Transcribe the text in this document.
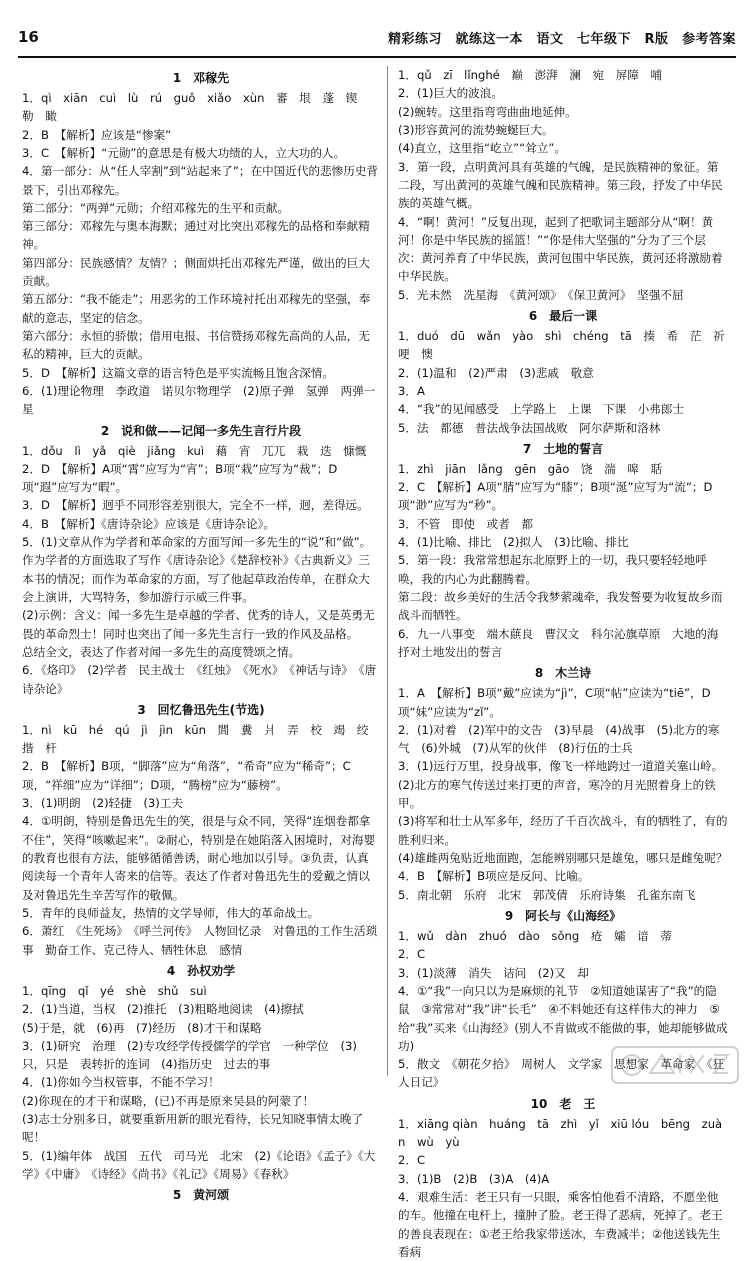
16	精彩练习　就练这一本　语文　七年级下　R版　参考答案
1　邓稼先
1．qì　xiān　cuì　lù　rú　guǒ　xiǎo　xùn　審　垠　蓬　锲　勒　瞰
2．B　【解析】应该是“惨案”
3．C　【解析】“元勋”的意思是有极大功绩的人，立大功的人。
4．第一部分：从“任人宰割”到“站起来了”；在中国近代的悲惨历史背景下，引出邓稼先。
第二部分：“两弹”元勋；介绍邓稼先的生平和贡献。
第三部分：邓稼先与奥本海默；通过对比突出邓稼先的品格和奉献精神。
第四部分：民族感情？友情？；侧面烘托出邓稼先严谨，做出的巨大贡献。
第五部分：“我不能走”；用恶劣的工作环境衬托出邓稼先的坚强，奉献的意志，坚定的信念。
第六部分：永恒的骄傲；借用电报、书信赞扬邓稼先高尚的人品，无私的精神，巨大的贡献。
5．D　【解析】这篇文章的语言特色是平实流畅且饱含深情。
6．(1)理论物理　李政道　诺贝尔物理学　(2)原子弹　氢弹　两弹一星
2　说和做——记闻一多先生言行片段
1．dǒu　lì　yǎ　qiè　jiǎng　kuì　藉　宵　兀兀　栽　迭　慷慨
2．D　【解析】A项“霄”应写为“宵”；B项“栽”应写为“裁”；D项“遐”应写为“暇”。
3．D　【解析】迥乎不同形容差别很大，完全不一样，迥，差得远。
4．B　【解析】《唐诗杂论》应该是《唐诗杂论》。
5．(1)文章从作为学者和革命家的方面写闻一多先生的“说”和“做”。作为学者的方面选取了写作《唐诗杂论》《楚辞校补》《古典新义》三本书的情况；而作为革命家的方面，写了他起草政治传单，在群众大会上演讲，大骂特务，参加游行示威三件事。
(2)示例：含义：闻一多先生是卓越的学者、优秀的诗人，又是英勇无畏的革命烈士！同时也突出了闻一多先生言行一致的作风及品格。
总结全文，表达了作者对闻一多先生的高度赞颂之情。
6．《烙印》　(2)学者　民主战士　《红烛》　《死水》　《神话与诗》　《唐诗杂论》
3　回忆鲁迅先生(节选)
1．nì　kū　hé　qú　jì　jìn　kūn　閭　糞　爿　弄　校　竭　绞　揩　杆
2．B　【解析】B项，“脚落”应为“角落”，“希奇”应为“稀奇”；C项，“祥细”应为“详细”；D项，“腾榜”应为“藤榜”。
3．(1)明朗　(2)轻捷　(3)工夫
4．①明朗，特别是鲁迅先生的笑，很是与众不同，笑得“连烟卷都拿不住”，笑得“咳嗽起来”。②耐心，特别是在她陷落入困境时，对海婴的教育也很有方法，能够循循善诱，耐心地加以引导。③负责，认真阅读每一个青年人寄来的信等。表达了作者对鲁迅先生的爱戴之情以及对鲁迅先生辛苦写作的敬佩。
5．青年的良师益友，热情的文学导师，伟大的革命战士。
6．萧红　《生死场》　《呼兰河传》　人物回忆录　对鲁迅的工作生活琐事　勤奋工作、克己待人、牺牲休息　感情
4　孙权劝学
1．qīng　qǐ　yé　shè　shǔ　suì
2．(1)当道，当权　(2)推托　(3)粗略地阅读　(4)擦拭
(5)于是，就　(6)再　(7)经历　(8)才干和谋略
3．(1)研究　治理　(2)专攻经学传授儒学的学官　一种学位　(3)只，只是　表转折的连词　(4)指历史　过去的事
4．(1)你如今当权管事，不能不学习！
(2)你现在的才干和谋略，(已)不再是原来吴县的阿蒙了！
(3)志士分别多日，就要重新用新的眼光看待，长兄知晓事情太晚了呢！
5．(1)编年体　战国　五代　司马光　北宋　(2)《论语》《孟子》《大学》《中庸》　《诗经》《尚书》《礼记》《周易》《春秋》
5　黄河颂
1．qǔ　zī　lǐnghé　巅　澎湃　澜　宛　屏障　哺
2．(1)巨大的波浪。
(2)蜿转。这里指弯弯曲曲地延伸。
(3)形容黄河的流势蜿蜒巨大。
(4)直立，这里指“屹立”“耸立”。
3．第一段，点明黄河具有英雄的气魄，是民族精神的象征。第二段，写出黄河的英雄气魄和民族精神。第三段，抒发了中华民族的英雄气概。
4．“啊！黄河！”反复出现，起到了把歌词主题部分从“啊！黄河！你是中华民族的摇篮！”“你是伟大坚强的”分为了三个层次：黄河养育了中华民族，黄河包围中华民族，黄河还将激励着中华民族。
5．光未然　冼星海　《黄河颂》　《保卫黄河》　坚强不屈
6　最后一课
1．duó　dū　wǎn　yào　shì　chéng　tā　揍　希　茫　祈　哽　懊
2．(1)温和　(2)严肃　(3)悲戚　敬意
3．A
4．“我”的见闻感受　上学路上　上课　下课　小弗郎士
5．法　都德　普法战争法国战败　阿尔萨斯和洛林
7　土地的誓言
1．zhì　jiān　lǎng　gēn　gāo　饶　湍　嗥　聒
2．C　【解析】A项“腈”应写为“膝”；B项“涎”应写为“流”；D项“渺”应写为“秒”。
3．不管　即使　或者　都
4．(1)比喻、排比　(2)拟人　(3)比喻、排比
5．第一段：我常常想起东北原野上的一切，我只要轻轻地呼唤，我的内心为此翻腾着。
第二段：故乡美好的生活令我梦萦魂牵，我发誓要为收复故乡而战斗而牺牲。
6．九一八事变　端木蕻良　曹汉文　科尔沁旗草原　大地的海　抒对土地发出的誓言
8　木兰诗
1．A　【解析】B项“戴”应读为“jì”，C项“帖”应读为“tiē”，D项“妹”应读为“zǐ”。
2．(1)对着　(2)军中的文告　(3)早晨　(4)战事　(5)北方的寒气　(6)外城　(7)从军的伙伴　(8)行伍的士兵
3．(1)远行万里，投身战事，像飞一样地跨过一道道关塞山岭。
(2)北方的寒气传送过来打更的声音，寒冷的月光照着身上的铁甲。
(3)将军和壮士从军多年，经历了千百次战斗，有的牺牲了，有的胜利归来。
(4)雄雌两兔贴近地面跑，怎能辨别哪只是雄兔，哪只是雌兔呢？
4．B　【解析】B项应是反问、比喻。
5．南北朝　乐府　北宋　郭茂倩　乐府诗集　孔雀东南飞
9　阿长与《山海经》
1．wǔ　dàn　zhuó　dào　sǒng　疮　孀　谙　蒂
2．C
3．(1)淡薄　消失　诘问　(2)又　却
4．①“我”一向只以为是麻烦的礼节　②知道她谋害了“我”的隐鼠　③常常对“我”讲“长毛”　④不料她还有这样伟大的神力　⑤给“我”买来《山海经》(别人不肯做或不能做的事，她却能够做成功)
5．散文　《朝花夕拾》　周树人　文学家　思想家　革命家　《狂人日记》
10　老　王
1．xiāng qiàn　huáng　tā　zhì　yǐ　xiū lóu　bēng　zuàn　wù　yù
2．C
3．(1)B　(2)B　(3)A　(4)A
4．艰难生活：老王只有一只眼，乘客怕他看不清路，不愿坐他的车。他撞在电杆上，撞肿了脸。老王得了恶病，死掉了。老王的善良表现在：①老王给我家带送冰，车费减半；②他送钱先生看病
